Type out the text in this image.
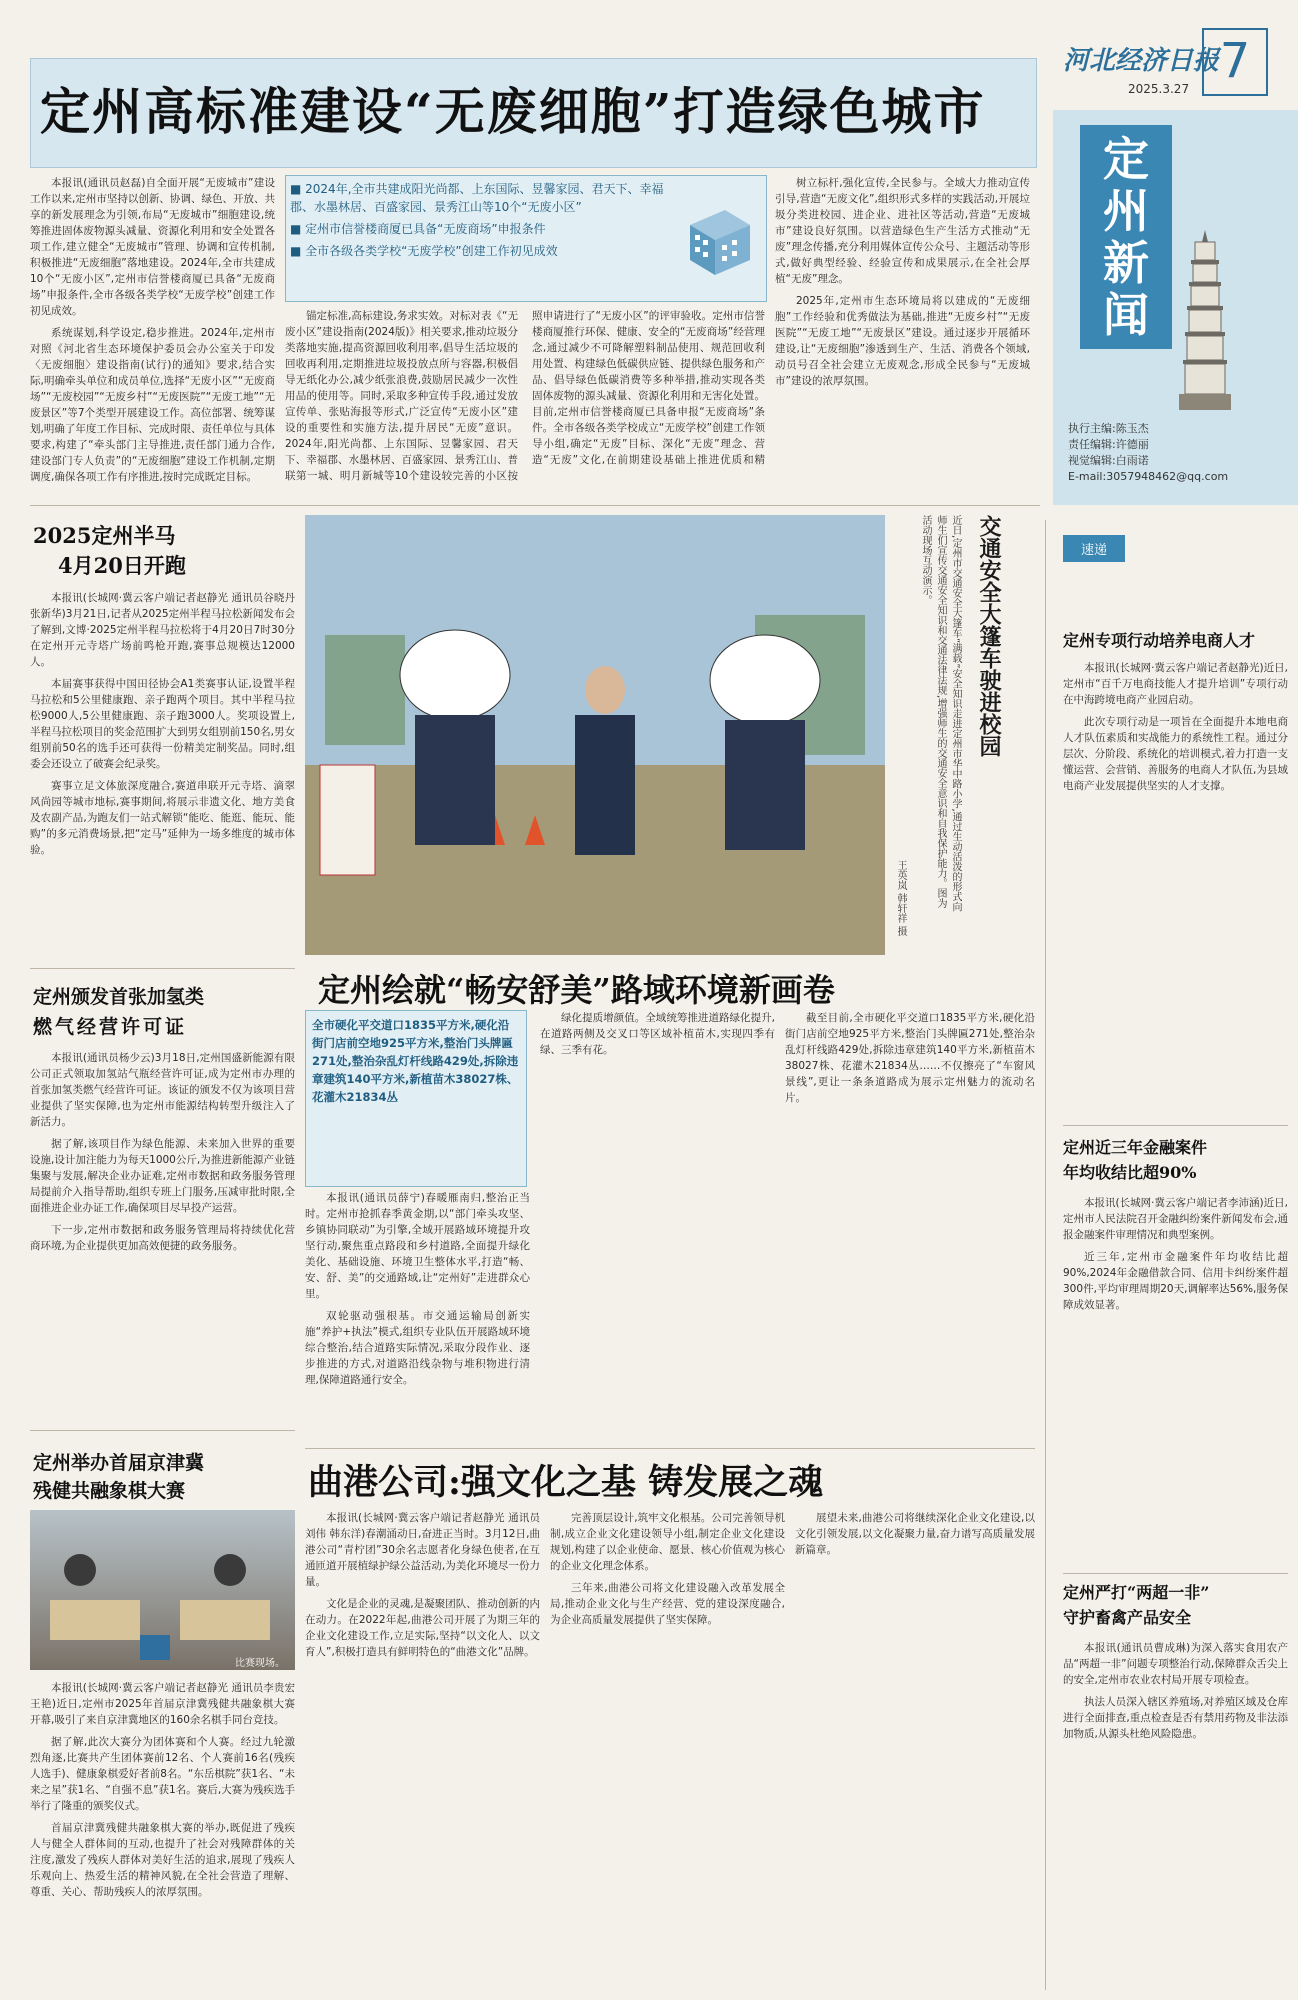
定州高标准建设“无废细胞”打造绿色城市
河北经济日报
2025.3.27 7
定州新闻
执行主编:陈玉杰
责任编辑:许德丽
视觉编辑:白雨诺
E-mail:3057948462@qq.com
■ 2024年,全市共建成阳光尚都、上东国际、昱馨家园、君天下、幸福郡、水墨林居、百盛家园、景秀江山等10个“无废小区”
■ 定州市信誉楼商厦已具备“无废商场”申报条件
■ 全市各级各类学校“无废学校”创建工作初见成效

本报讯(通讯员赵磊)自全面开展“无废城市”建设工作以来,定州市坚持以创新、协调、绿色、开放、共享的新发展理念为引领,布局“无废城市”细胞建设,统筹推进固体废物源头减量、资源化利用和安全处置各项工作,建立健全“无废城市”管理、协调和宣传机制,积极推进“无废细胞”落地建设。2024年,全市共建成10个“无废小区”,定州市信誉楼商厦已具备“无废商场”申报条件,全市各级各类学校“无废学校”创建工作初见成效。

系统谋划,科学设定,稳步推进。2024年,定州市对照《河北省生态环境保护委员会办公室关于印发〈无废细胞〉建设指南(试行)的通知》要求,结合实际,明确牵头单位和成员单位,选择“无废小区”“无废商场”“无废校园”“无废乡村”“无废医院”“无废工地”“无废景区”等7个类型开展建设工作。高位部署、统筹谋划,明确了年度工作目标、完成时限、责任单位与具体要求,构建了“牵头部门主导推进,责任部门通力合作,建设部门专人负责”的“无废细胞”建设工作机制,定期调度,确保各项工作有序推进,按时完成既定目标。

锚定标准,高标建设,务求实效。对标对表《“无废小区”建设指南(2024版)》相关要求,推动垃圾分类落地实施,提高资源回收利用率,倡导生活垃圾的回收再利用,定期推进垃圾投放点所与容器,积极倡导无纸化办公,减少纸张浪费,鼓励居民减少一次性用品的使用等。同时,采取多种宣传手段,通过发放宣传单、张贴海报等形式,广泛宣传“无废小区”建设的重要性和实施方法,提升居民“无废”意识。2024年,阳光尚都、上东国际、昱馨家园、君天下、幸福郡、水墨林居、百盛家园、景秀江山、普联第一城、明月新城等10个建设较完善的小区按照申请进行了“无废小区”的评审验收。定州市信誉楼商厦推行环保、健康、安全的“无废商场”经营理念,通过减少不可降解塑料制品使用、规范回收利用处置、构建绿色低碳供应链、提供绿色服务和产品、倡导绿色低碳消费等多种举措,推动实现各类固体废物的源头减量、资源化利用和无害化处置。目前,定州市信誉楼商厦已具备申报“无废商场”条件。全市各级各类学校成立“无废学校”创建工作领导小组,确定“无废”目标、深化“无废”理念、营造“无废”文化,在前期建设基础上推进优质和精

树立标杆,强化宣传,全民参与。全域大力推动宣传引导,营造“无废文化”,组织形式多样的实践活动,开展垃圾分类进校园、进企业、进社区等活动,营造“无废城市”建设良好氛围。以营造绿色生产生活方式推动“无废”理念传播,充分利用媒体宣传公众号、主题活动等形式,做好典型经验、经验宣传和成果展示,在全社会厚植“无废”理念。

2025年,定州市生态环境局将以建成的“无废细胞”工作经验和优秀做法为基础,推进“无废乡村”“无废医院”“无废工地”“无废景区”建设。通过逐步开展循环建设,让“无废细胞”渗透到生产、生活、消费各个领域,动员号召全社会建立无废观念,形成全民参与“无废城市”建设的浓厚氛围。

2025定州半马
4月20日开跑

本报讯(长城网·冀云客户端记者赵静光 通讯员谷晓丹 张新华)3月21日,记者从2025定州半程马拉松新闻发布会了解到,文博·2025定州半程马拉松将于4月20日7时30分在定州开元寺塔广场前鸣枪开跑,赛事总规模达12000人。

本届赛事获得中国田径协会A1类赛事认证,设置半程马拉松和5公里健康跑、亲子跑两个项目。其中半程马拉松9000人,5公里健康跑、亲子跑3000人。奖项设置上,半程马拉松项目的奖金范围扩大到男女组别前150名,男女组别前50名的选手还可获得一份精美定制奖品。同时,组委会还设立了破赛会纪录奖。

赛事立足文体旅深度融合,赛道串联开元寺塔、滴翠风尚园等城市地标,赛事期间,将展示非遗文化、地方美食及农副产品,为跑友们一站式解锁“能吃、能逛、能玩、能购”的多元消费场景,把“定马”延伸为一场多维度的城市体验。

交通安全大篷车驶进校园
近日,定州市交通安全大篷车“满载”安全知识走进定州市华中路小学,通过生动活泼的形式向师生们宣传交通安全知识和交通法律法规,增强师生的交通安全意识和自我保护能力。图为活动现场互动演示。
王英岚 韩轩祥 摄
定州绘就“畅安舒美”路域环境新画卷
全市硬化平交道口1835平方米,硬化沿街门店前空地925平方米,整治门头牌匾271处,整治杂乱灯杆线路429处,拆除违章建筑140平方米,新植苗木38027株、花灌木21834丛

本报讯(通讯员薛宁)春暖雁南归,整治正当时。定州市抢抓春季黄金期,以“部门牵头攻坚、乡镇协同联动”为引擎,全域开展路域环境提升攻坚行动,聚焦重点路段和乡村道路,全面提升绿化美化、基础设施、环境卫生整体水平,打造“畅、安、舒、美”的交通路域,让“定州好”走进群众心里。

双轮驱动强根基。市交通运输局创新实施“养护+执法”模式,组织专业队伍开展路域环境综合整治,结合道路实际情况,采取分段作业、逐步推进的方式,对道路沿线杂物与堆积物进行清理,保障道路通行安全。

绿化提质增颜值。全域统筹推进道路绿化提升,在道路两侧及交叉口等区域补植苗木,实现四季有绿、三季有花。

截至目前,全市硬化平交道口1835平方米,硬化沿街门店前空地925平方米,整治门头牌匾271处,整治杂乱灯杆线路429处,拆除违章建筑140平方米,新植苗木38027株、花灌木21834丛……不仅擦亮了“车窗风景线”,更让一条条道路成为展示定州魅力的流动名片。

定州颁发首张加氢类
燃气经营许可证

本报讯(通讯员杨少云)3月18日,定州国盛新能源有限公司正式领取加氢站气瓶经营许可证,成为定州市办理的首张加氢类燃气经营许可证。该证的颁发不仅为该项目营业提供了坚实保障,也为定州市能源结构转型升级注入了新活力。

据了解,该项目作为绿色能源、未来加入世界的重要设施,设计加注能力为每天1000公斤,为推进新能源产业链集聚与发展,解决企业办证难,定州市数据和政务服务管理局提前介入指导帮助,组织专班上门服务,压减审批时限,全面推进企业办证工作,确保项目尽早投产运营。

下一步,定州市数据和政务服务管理局将持续优化营商环境,为企业提供更加高效便捷的政务服务。

定州举办首届京津冀
残健共融象棋大赛
比赛现场。

本报讯(长城网·冀云客户端记者赵静光 通讯员李贵宏 王艳)近日,定州市2025年首届京津冀残健共融象棋大赛开幕,吸引了来自京津冀地区的160余名棋手同台竞技。

据了解,此次大赛分为团体赛和个人赛。经过九轮激烈角逐,比赛共产生团体赛前12名、个人赛前16名(残疾人选手)、健康象棋爱好者前8名。“东岳棋院”获1名、“未来之星”获1名、“自强不息”获1名。赛后,大赛为残疾选手举行了隆重的颁奖仪式。

首届京津冀残健共融象棋大赛的举办,既促进了残疾人与健全人群体间的互动,也提升了社会对残障群体的关注度,激发了残疾人群体对美好生活的追求,展现了残疾人乐观向上、热爱生活的精神风貌,在全社会营造了理解、尊重、关心、帮助残疾人的浓厚氛围。

曲港公司:强文化之基 铸发展之魂

本报讯(长城网·冀云客户端记者赵静光 通讯员刘伟 韩东洋)春潮涌动日,奋进正当时。3月12日,曲港公司“青柠团”30余名志愿者化身绿色使者,在互通匝道开展植绿护绿公益活动,为美化环境尽一份力量。

文化是企业的灵魂,是凝聚团队、推动创新的内在动力。在2022年起,曲港公司开展了为期三年的企业文化建设工作,立足实际,坚持“以文化人、以文育人”,积极打造具有鲜明特色的“曲港文化”品牌。

完善顶层设计,筑牢文化根基。公司完善领导机制,成立企业文化建设领导小组,制定企业文化建设规划,构建了以企业使命、愿景、核心价值观为核心的企业文化理念体系。

三年来,曲港公司将文化建设融入改革发展全局,推动企业文化与生产经营、党的建设深度融合,为企业高质量发展提供了坚实保障。

展望未来,曲港公司将继续深化企业文化建设,以文化引领发展,以文化凝聚力量,奋力谱写高质量发展新篇章。

速递
定州专项行动培养电商人才

本报讯(长城网·冀云客户端记者赵静光)近日,定州市“百千万电商技能人才提升培训”专项行动在中海跨境电商产业园启动。

此次专项行动是一项旨在全面提升本地电商人才队伍素质和实战能力的系统性工程。通过分层次、分阶段、系统化的培训模式,着力打造一支懂运营、会营销、善服务的电商人才队伍,为县域电商产业发展提供坚实的人才支撑。

定州近三年金融案件
年均收结比超90%

本报讯(长城网·冀云客户端记者李沛涵)近日,定州市人民法院召开金融纠纷案件新闻发布会,通报金融案件审理情况和典型案例。

近三年,定州市金融案件年均收结比超90%,2024年金融借款合同、信用卡纠纷案件超300件,平均审理周期20天,调解率达56%,服务保障成效显著。

定州严打“两超一非”
守护畜禽产品安全

本报讯(通讯员曹成琳)为深入落实食用农产品“两超一非”问题专项整治行动,保障群众舌尖上的安全,定州市农业农村局开展专项检查。

执法人员深入辖区养殖场,对养殖区域及仓库进行全面排查,重点检查是否有禁用药物及非法添加物质,从源头杜绝风险隐患。
